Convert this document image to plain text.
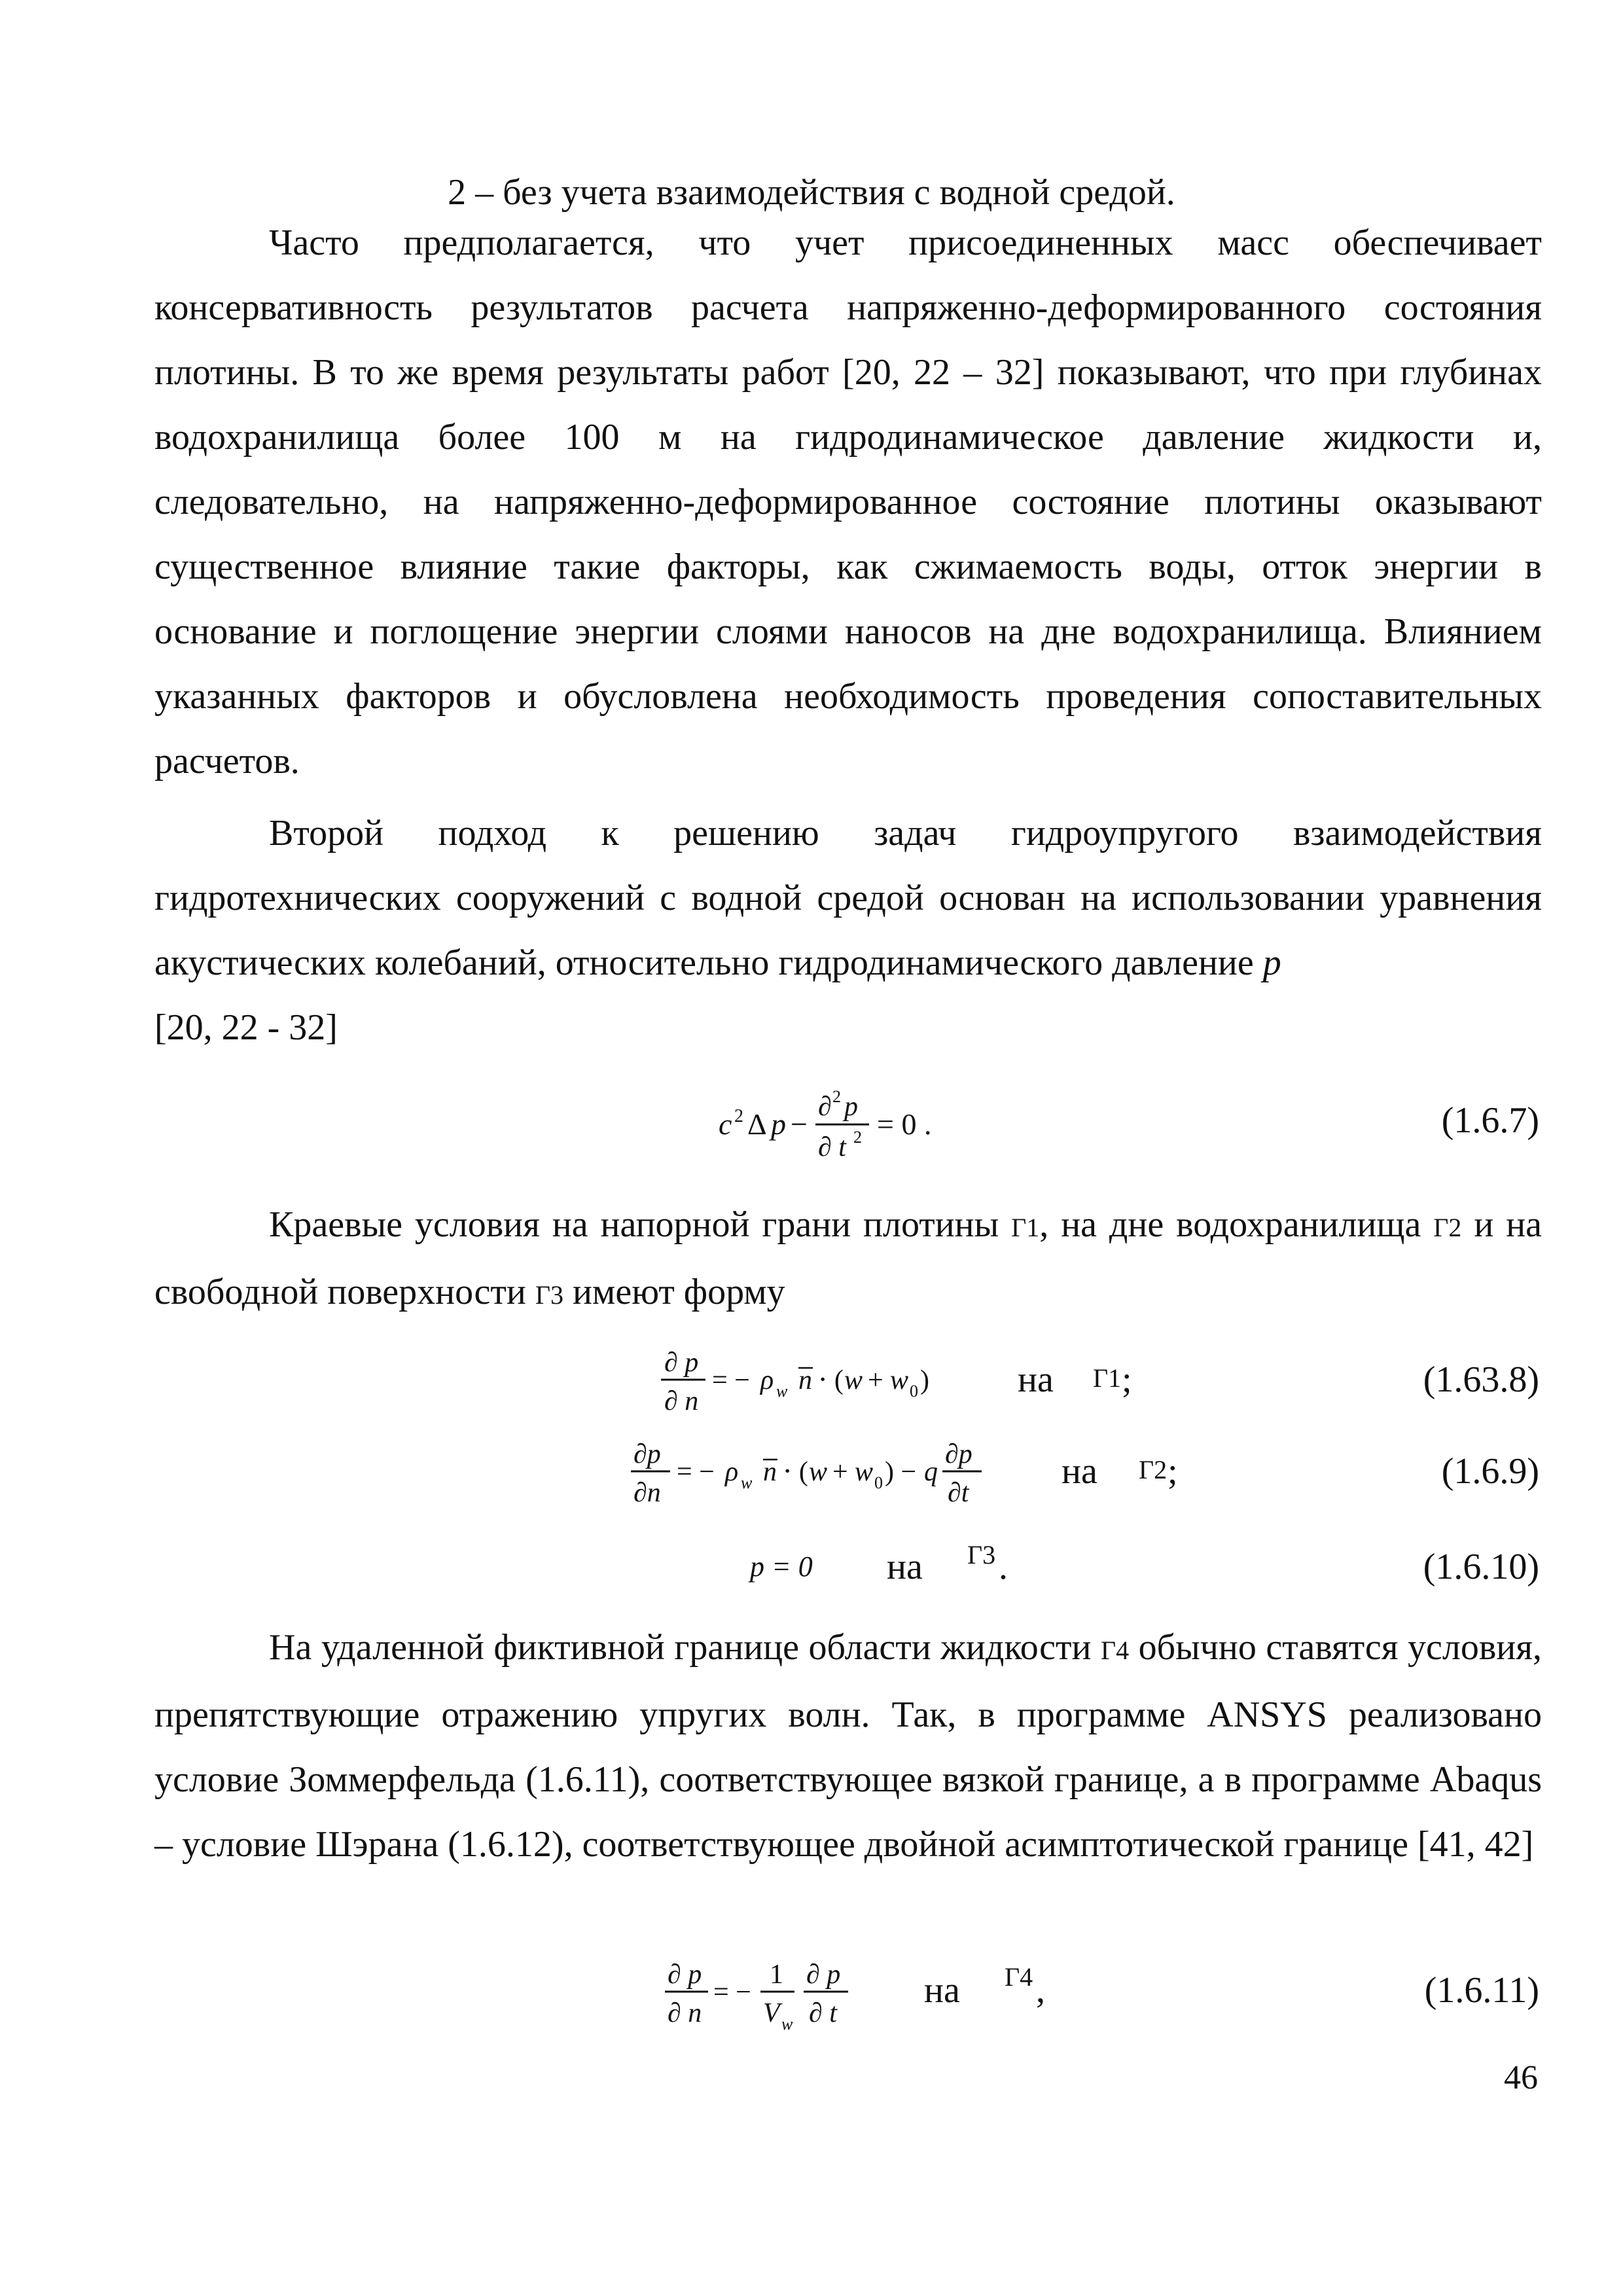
2 – без учета взаимодействия с водной средой.

Часто предполагается, что учет присоединенных масс обеспечивает консервативность результатов расчета напряженно-деформированного состояния плотины. В то же время результаты работ [20, 22 – 32] показывают, что при глубинах водохранилища более 100 м на гидродинамическое давление жидкости и, следовательно, на напряженно-деформированное состояние плотины оказывают существенное влияние такие факторы, как сжимаемость воды, отток энергии в основание и поглощение энергии слоями наносов на дне водохранилища. Влиянием указанных факторов и обусловлена необходимость проведения сопоставительных расчетов.

Второй подход к решению задач гидроупругого взаимодействия гидротехнических сооружений с водной средой основан на использовании уравнения акустических колебаний, относительно гидродинамического давление p
[20, 22 - 32]

c 2 Δ p −
∂ 2 p
∂ t 2 = 0 .	(1.6.7)

Краевые условия на напорной грани плотины Γ1, на дне водохранилища Γ2 и на свободной поверхности Γ3 имеют форму

∂ p
∂ n
= − ρ w n ⋅ ( w + w 0 ) на Γ1 ;	(1.63.8)
∂p
∂n
= − ρ w n ⋅ ( w + w 0 ) − q
∂p
∂t
на Γ2 ;	(1.6.9)
p = 0 на Γ3 .	(1.6.10)

На удаленной фиктивной границе области жидкости Γ4 обычно ставятся условия, препятствующие отражению упругих волн. Так, в программе ANSYS реализовано условие Зоммерфельда (1.6.11), соответствующее вязкой границе, а в программе Abaqus – условие Шэрана (1.6.12), соответствующее двойной асимптотической границе [41, 42]

∂ p
∂ n
= −
1
V w
∂ p
∂ t
на Γ4 ,	(1.6.11)
46
